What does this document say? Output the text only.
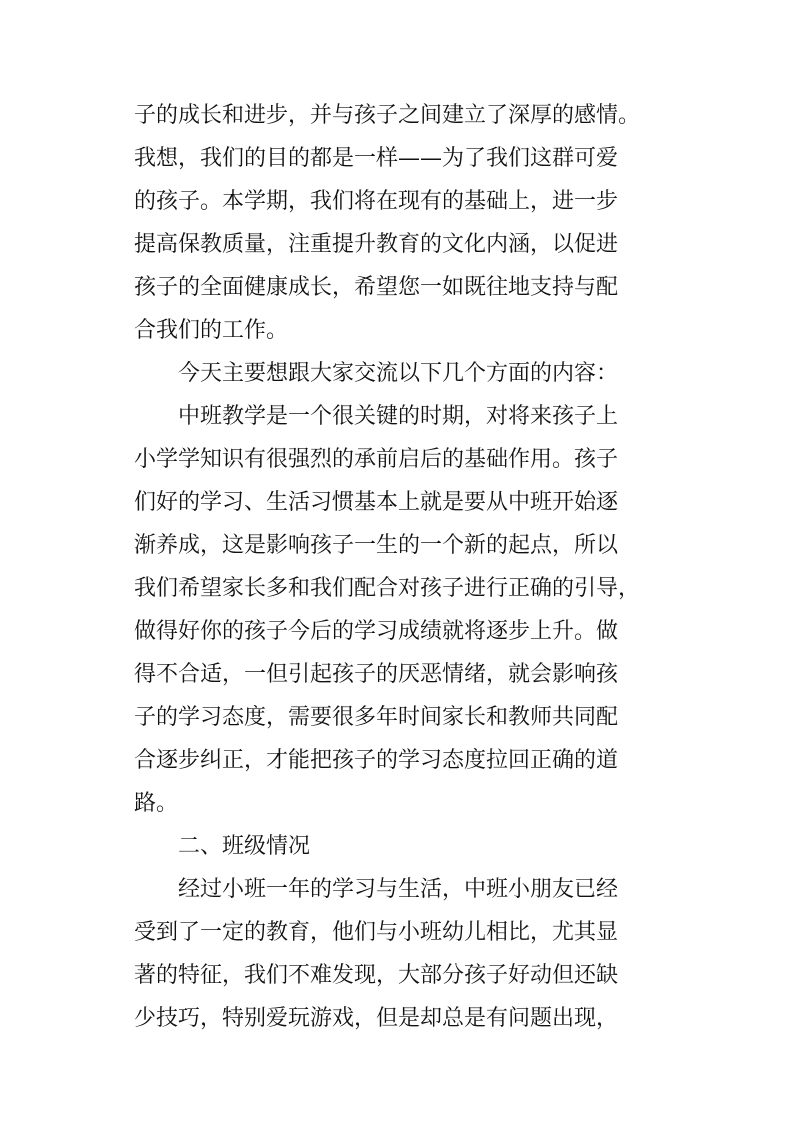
子的成长和进步，并与孩子之间建立了深厚的感情。
我想，我们的目的都是一样——为了我们这群可爱
的孩子。本学期，我们将在现有的基础上，进一步
提高保教质量，注重提升教育的文化内涵，以促进
孩子的全面健康成长，希望您一如既往地支持与配
合我们的工作。
今天主要想跟大家交流以下几个方面的内容：
中班教学是一个很关键的时期，对将来孩子上
小学学知识有很强烈的承前启后的基础作用。孩子
们好的学习、生活习惯基本上就是要从中班开始逐
渐养成，这是影响孩子一生的一个新的起点，所以
我们希望家长多和我们配合对孩子进行正确的引导，
做得好你的孩子今后的学习成绩就将逐步上升。做
得不合适，一但引起孩子的厌恶情绪，就会影响孩
子的学习态度，需要很多年时间家长和教师共同配
合逐步纠正，才能把孩子的学习态度拉回正确的道
路。
二、班级情况
经过小班一年的学习与生活，中班小朋友已经
受到了一定的教育，他们与小班幼儿相比，尤其显
著的特征，我们不难发现，大部分孩子好动但还缺
少技巧，特别爱玩游戏，但是却总是有问题出现，
